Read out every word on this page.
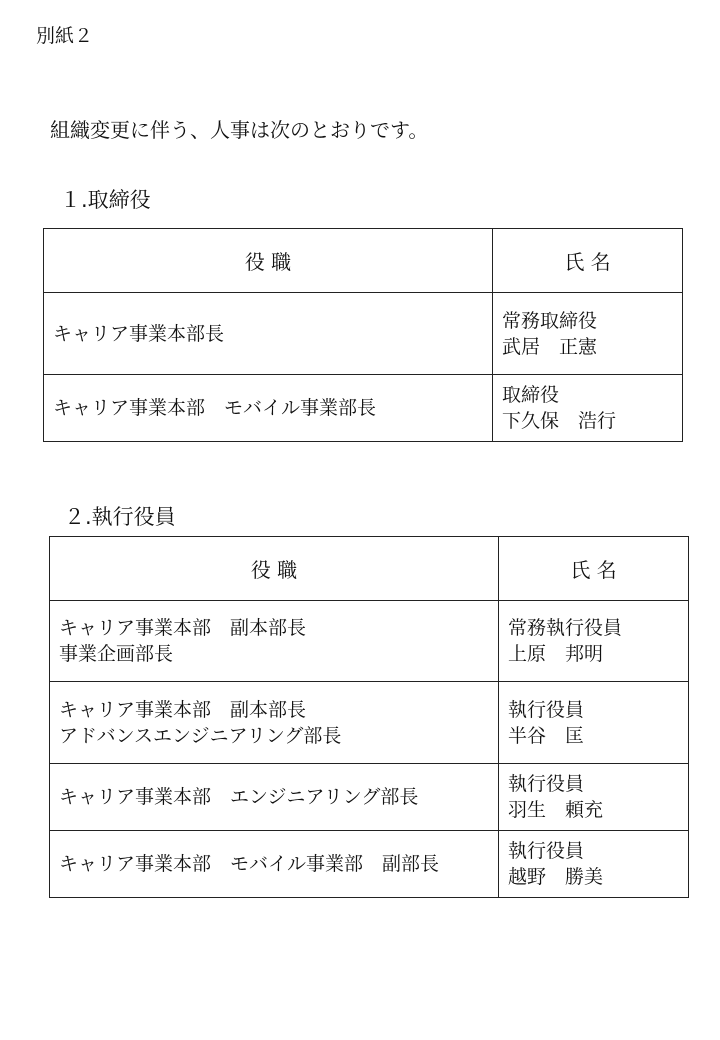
別紙２
組織変更に伴う、人事は次のとおりです。
１.取締役
役 職	氏 名

キャリア事業本部長	常務取締役
武居　正憲

キャリア事業本部　モバイル事業部長	取締役
下久保　浩行
２.執行役員
役 職	氏 名

キャリア事業本部　副本部長
事業企画部長	常務執行役員
上原　邦明

キャリア事業本部　副本部長
アドバンスエンジニアリング部長	執行役員
半谷　匡

キャリア事業本部　エンジニアリング部長	執行役員
羽生　頼充

キャリア事業本部　モバイル事業部　副部長	執行役員
越野　勝美
